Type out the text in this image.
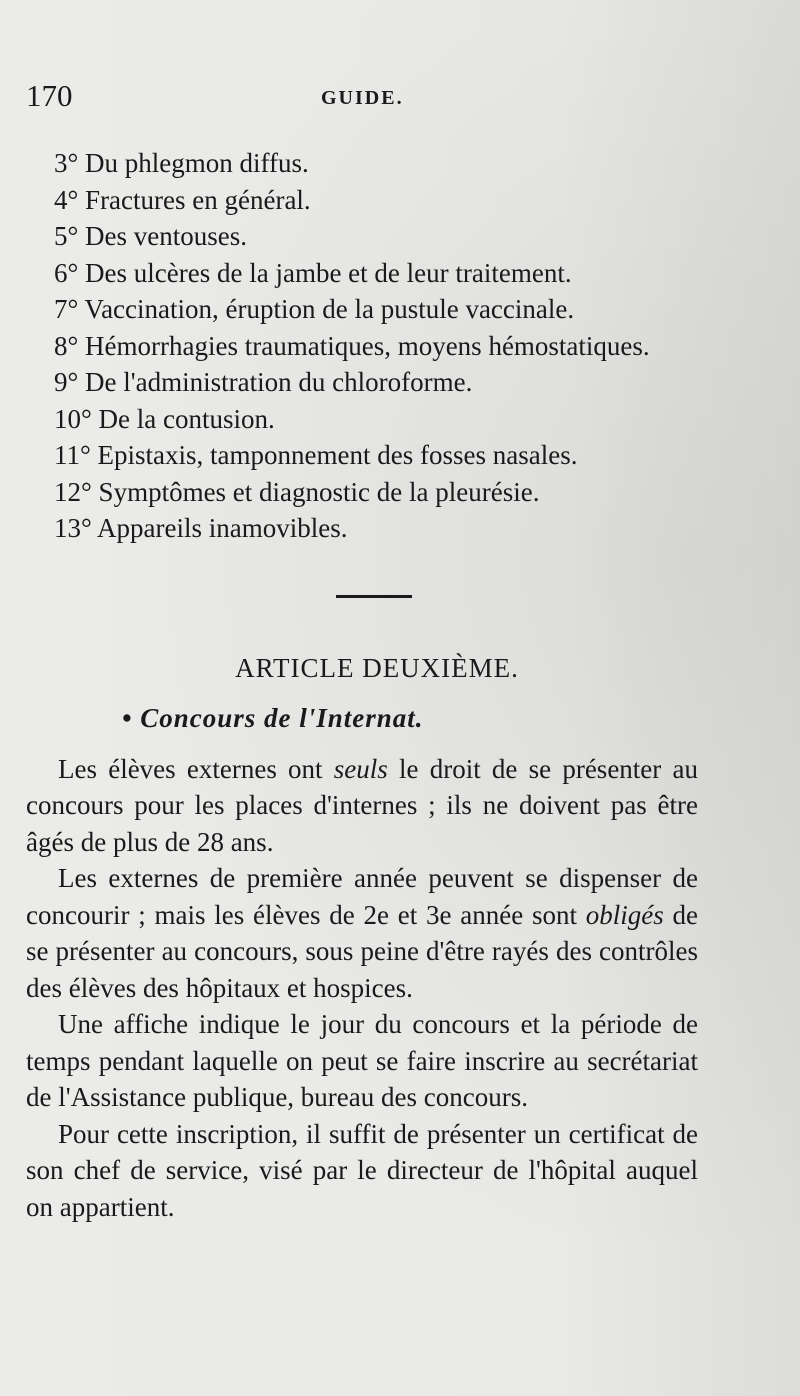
170	GUIDE.

3° Du phlegmon diffus.

4° Fractures en général.

5° Des ventouses.

6° Des ulcères de la jambe et de leur traitement.

7° Vaccination, éruption de la pustule vaccinale.

8° Hémorrhagies traumatiques, moyens hémostatiques.

9° De l'administration du chloroforme.

10° De la contusion.

11° Epistaxis, tamponnement des fosses nasales.

12° Symptômes et diagnostic de la pleurésie.

13° Appareils inamovibles.

ARTICLE DEUXIÈME.
• Concours de l'Internat.

Les élèves externes ont seuls le droit de se présenter au concours pour les places d'internes ; ils ne doivent pas être âgés de plus de 28 ans.

Les externes de première année peuvent se dispenser de concourir ; mais les élèves de 2e et 3e année sont obligés de se présenter au concours, sous peine d'être rayés des contrôles des élèves des hôpitaux et hospices.

Une affiche indique le jour du concours et la période de temps pendant laquelle on peut se faire inscrire au secrétariat de l'Assistance publique, bureau des concours.

Pour cette inscription, il suffit de présenter un certificat de son chef de service, visé par le directeur de l'hôpital auquel on appartient.
